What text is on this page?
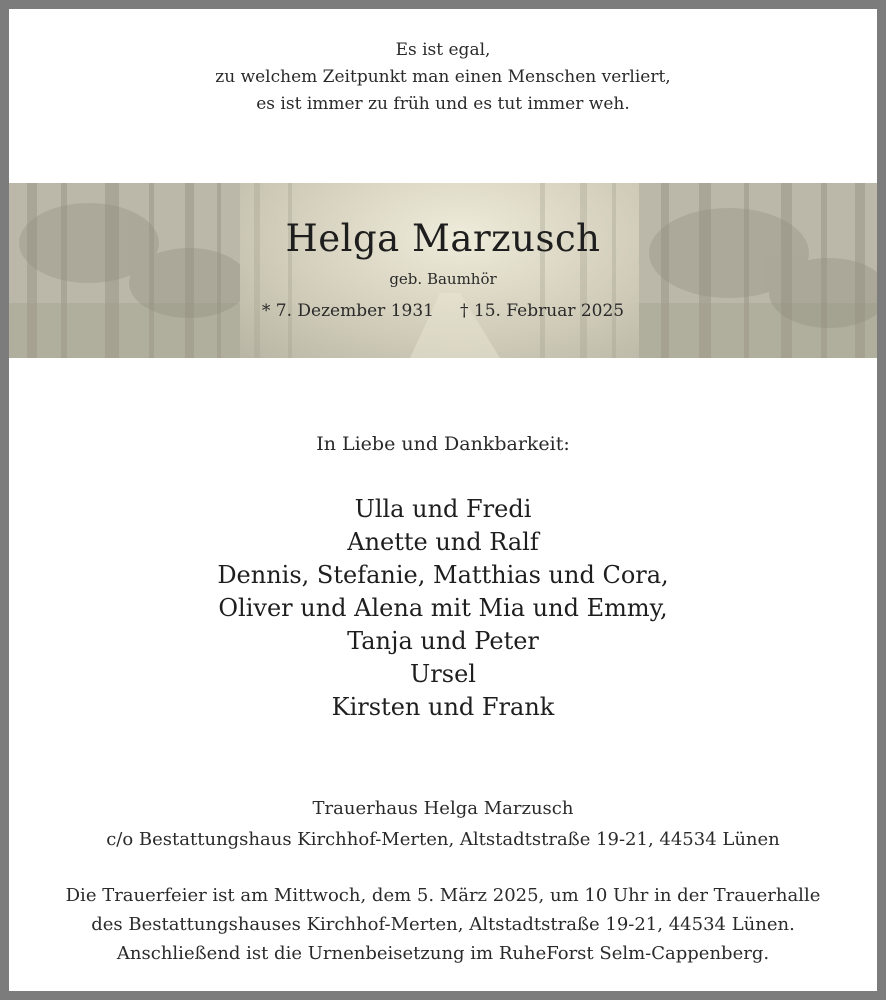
Es ist egal,
zu welchem Zeitpunkt man einen Menschen verliert,
es ist immer zu früh und es tut immer weh.
Helga Marzusch
geb. Baumhör
* 7. Dezember 1931 † 15. Februar 2025
In Liebe und Dankbarkeit:
Ulla und Fredi
Anette und Ralf
Dennis, Stefanie, Matthias und Cora,
Oliver und Alena mit Mia und Emmy,
Tanja und Peter
Ursel
Kirsten und Frank
Trauerhaus Helga Marzusch
c/o Bestattungshaus Kirchhof-Merten, Altstadtstraße 19-21, 44534 Lünen
Die Trauerfeier ist am Mittwoch, dem 5. März 2025, um 10 Uhr in der Trauerhalle
des Bestattungshauses Kirchhof-Merten, Altstadtstraße 19-21, 44534 Lünen.
Anschließend ist die Urnenbeisetzung im RuheForst Selm-Cappenberg.
